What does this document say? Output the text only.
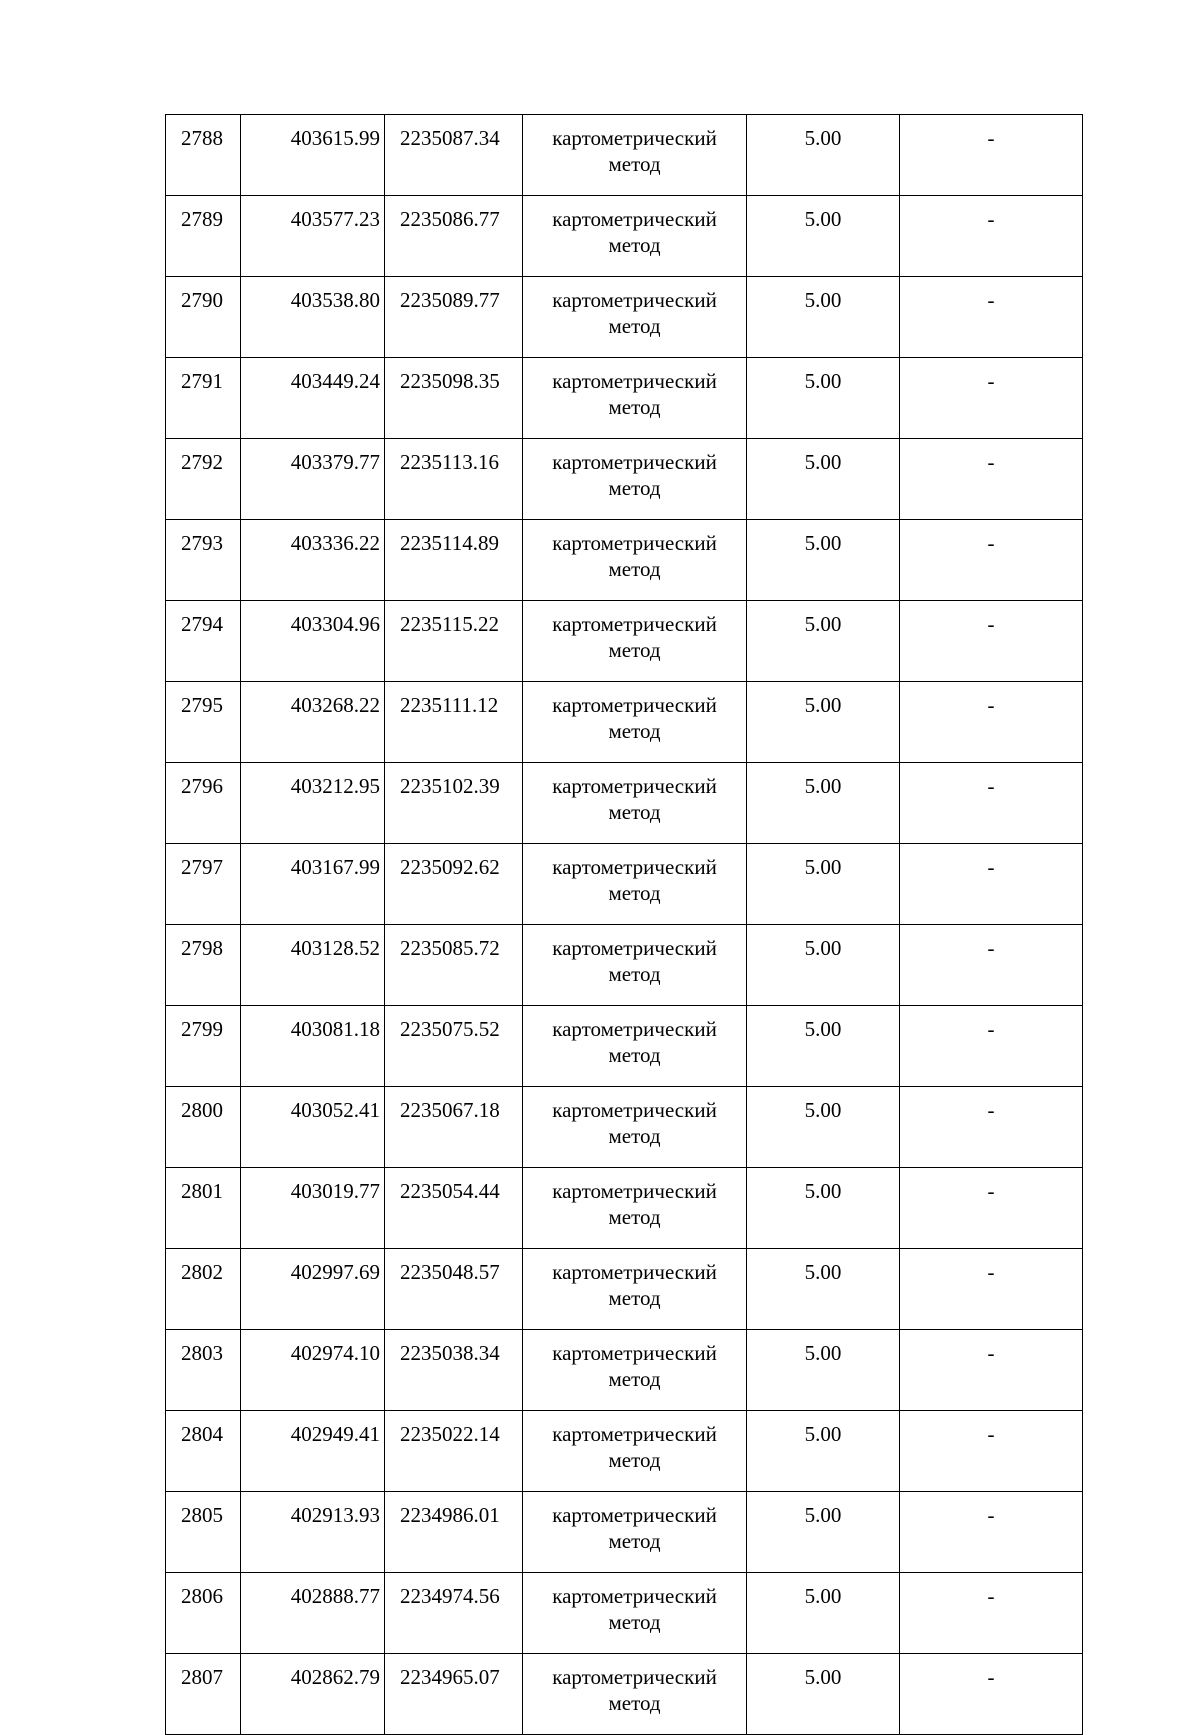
2788	403615.99	2235087.34	картометрический
метод	5.00	-
2789	403577.23	2235086.77	картометрический
метод	5.00	-
2790	403538.80	2235089.77	картометрический
метод	5.00	-
2791	403449.24	2235098.35	картометрический
метод	5.00	-
2792	403379.77	2235113.16	картометрический
метод	5.00	-
2793	403336.22	2235114.89	картометрический
метод	5.00	-
2794	403304.96	2235115.22	картометрический
метод	5.00	-
2795	403268.22	2235111.12	картометрический
метод	5.00	-
2796	403212.95	2235102.39	картометрический
метод	5.00	-
2797	403167.99	2235092.62	картометрический
метод	5.00	-
2798	403128.52	2235085.72	картометрический
метод	5.00	-
2799	403081.18	2235075.52	картометрический
метод	5.00	-
2800	403052.41	2235067.18	картометрический
метод	5.00	-
2801	403019.77	2235054.44	картометрический
метод	5.00	-
2802	402997.69	2235048.57	картометрический
метод	5.00	-
2803	402974.10	2235038.34	картометрический
метод	5.00	-
2804	402949.41	2235022.14	картометрический
метод	5.00	-
2805	402913.93	2234986.01	картометрический
метод	5.00	-
2806	402888.77	2234974.56	картометрический
метод	5.00	-
2807	402862.79	2234965.07	картометрический
метод	5.00	-
